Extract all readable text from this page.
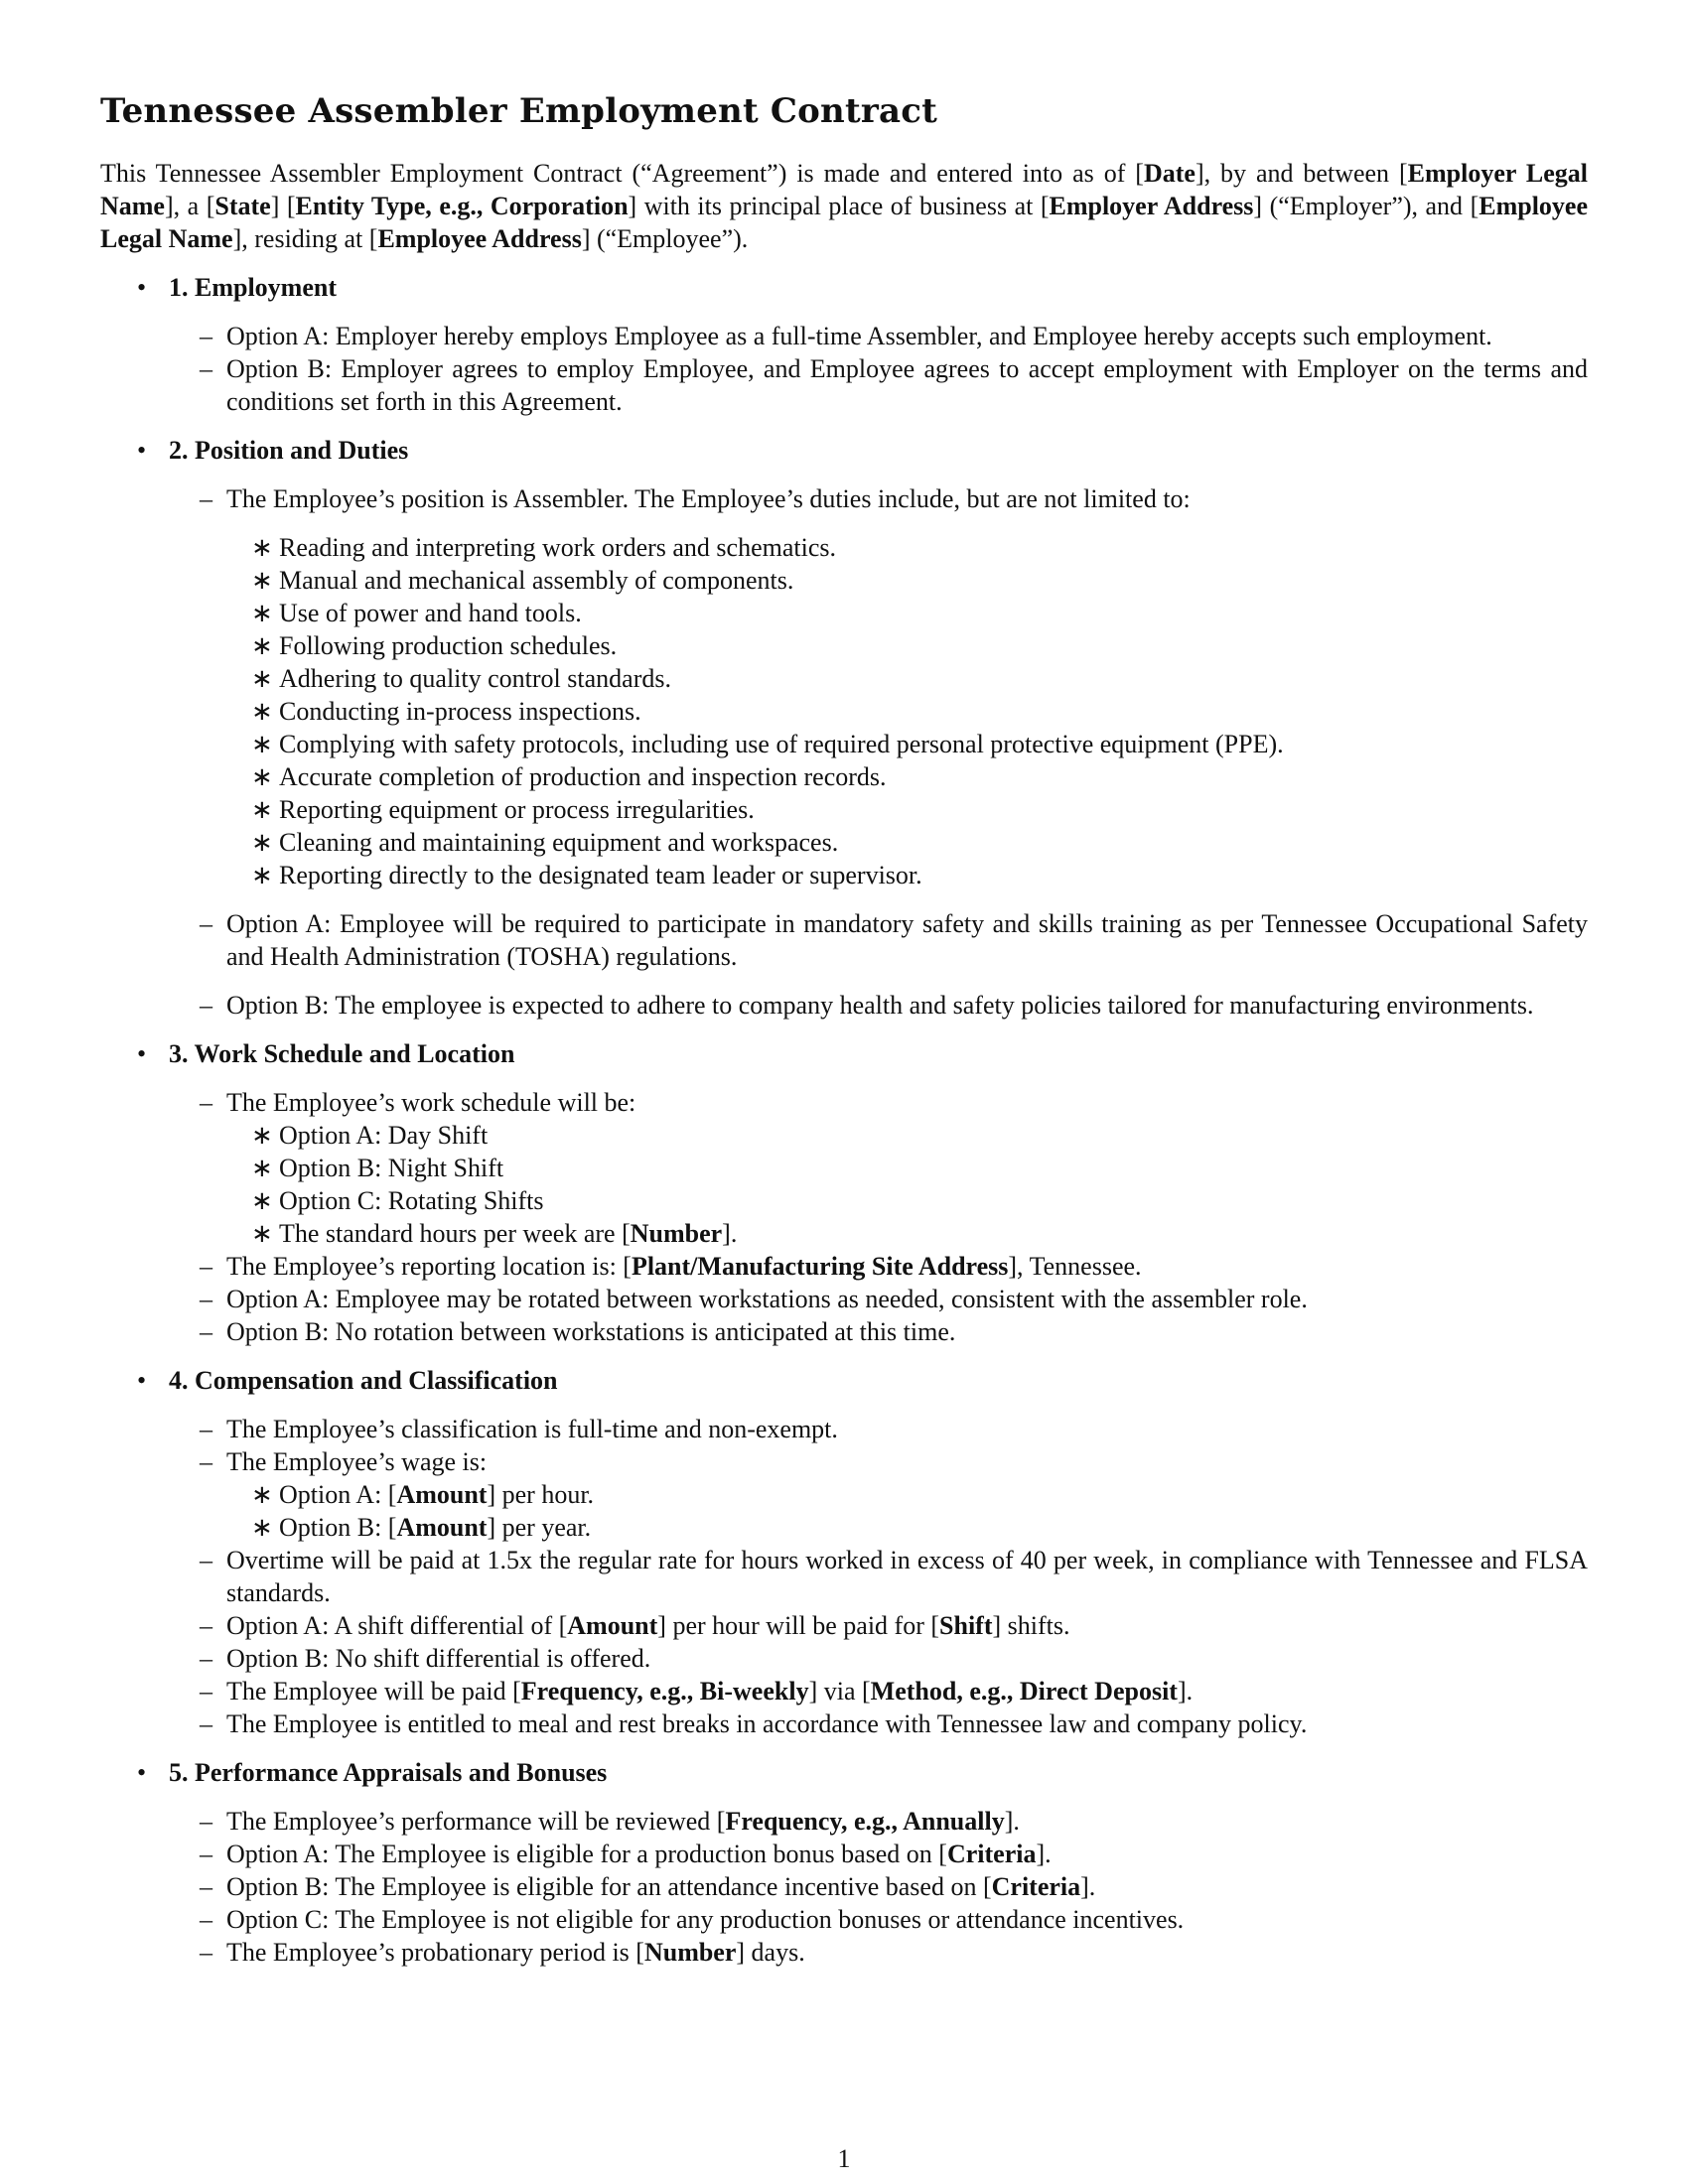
Tennessee Assembler Employment Contract

This Tennessee Assembler Employment Contract (“Agreement”) is made and entered into as of [Date], by and between [Employer Legal Name], a [State] [Entity Type, e.g., Corporation] with its principal place of business at [Employer Address] (“Employer”), and [Employee Legal Name], residing at [Employee Address] (“Employee”).

• 1. Employment
– Option A: Employer hereby employs Employee as a full-time Assembler, and Employee hereby accepts such employment.
– Option B: Employer agrees to employ Employee, and Employee agrees to accept employment with Employer on the terms and conditions set forth in this Agreement.
• 2. Position and Duties
– The Employee’s position is Assembler. The Employee’s duties include, but are not limited to:
∗ Reading and interpreting work orders and schematics.
∗ Manual and mechanical assembly of components.
∗ Use of power and hand tools.
∗ Following production schedules.
∗ Adhering to quality control standards.
∗ Conducting in-process inspections.
∗ Complying with safety protocols, including use of required personal protective equipment (PPE).
∗ Accurate completion of production and inspection records.
∗ Reporting equipment or process irregularities.
∗ Cleaning and maintaining equipment and workspaces.
∗ Reporting directly to the designated team leader or supervisor.
– Option A: Employee will be required to participate in mandatory safety and skills training as per Tennessee Occupational Safety and Health Administration (TOSHA) regulations.
– Option B: The employee is expected to adhere to company health and safety policies tailored for manufacturing environments.
• 3. Work Schedule and Location
– The Employee’s work schedule will be:
∗ Option A: Day Shift
∗ Option B: Night Shift
∗ Option C: Rotating Shifts
∗ The standard hours per week are [Number].
– The Employee’s reporting location is: [Plant/Manufacturing Site Address], Tennessee.
– Option A: Employee may be rotated between workstations as needed, consistent with the assembler role.
– Option B: No rotation between workstations is anticipated at this time.
• 4. Compensation and Classification
– The Employee’s classification is full-time and non-exempt.
– The Employee’s wage is:
∗ Option A: [Amount] per hour.
∗ Option B: [Amount] per year.
– Overtime will be paid at 1.5x the regular rate for hours worked in excess of 40 per week, in compliance with Tennessee and FLSA standards.
– Option A: A shift differential of [Amount] per hour will be paid for [Shift] shifts.
– Option B: No shift differential is offered.
– The Employee will be paid [Frequency, e.g., Bi-weekly] via [Method, e.g., Direct Deposit].
– The Employee is entitled to meal and rest breaks in accordance with Tennessee law and company policy.
• 5. Performance Appraisals and Bonuses
– The Employee’s performance will be reviewed [Frequency, e.g., Annually].
– Option A: The Employee is eligible for a production bonus based on [Criteria].
– Option B: The Employee is eligible for an attendance incentive based on [Criteria].
– Option C: The Employee is not eligible for any production bonuses or attendance incentives.
– The Employee’s probationary period is [Number] days.
1
